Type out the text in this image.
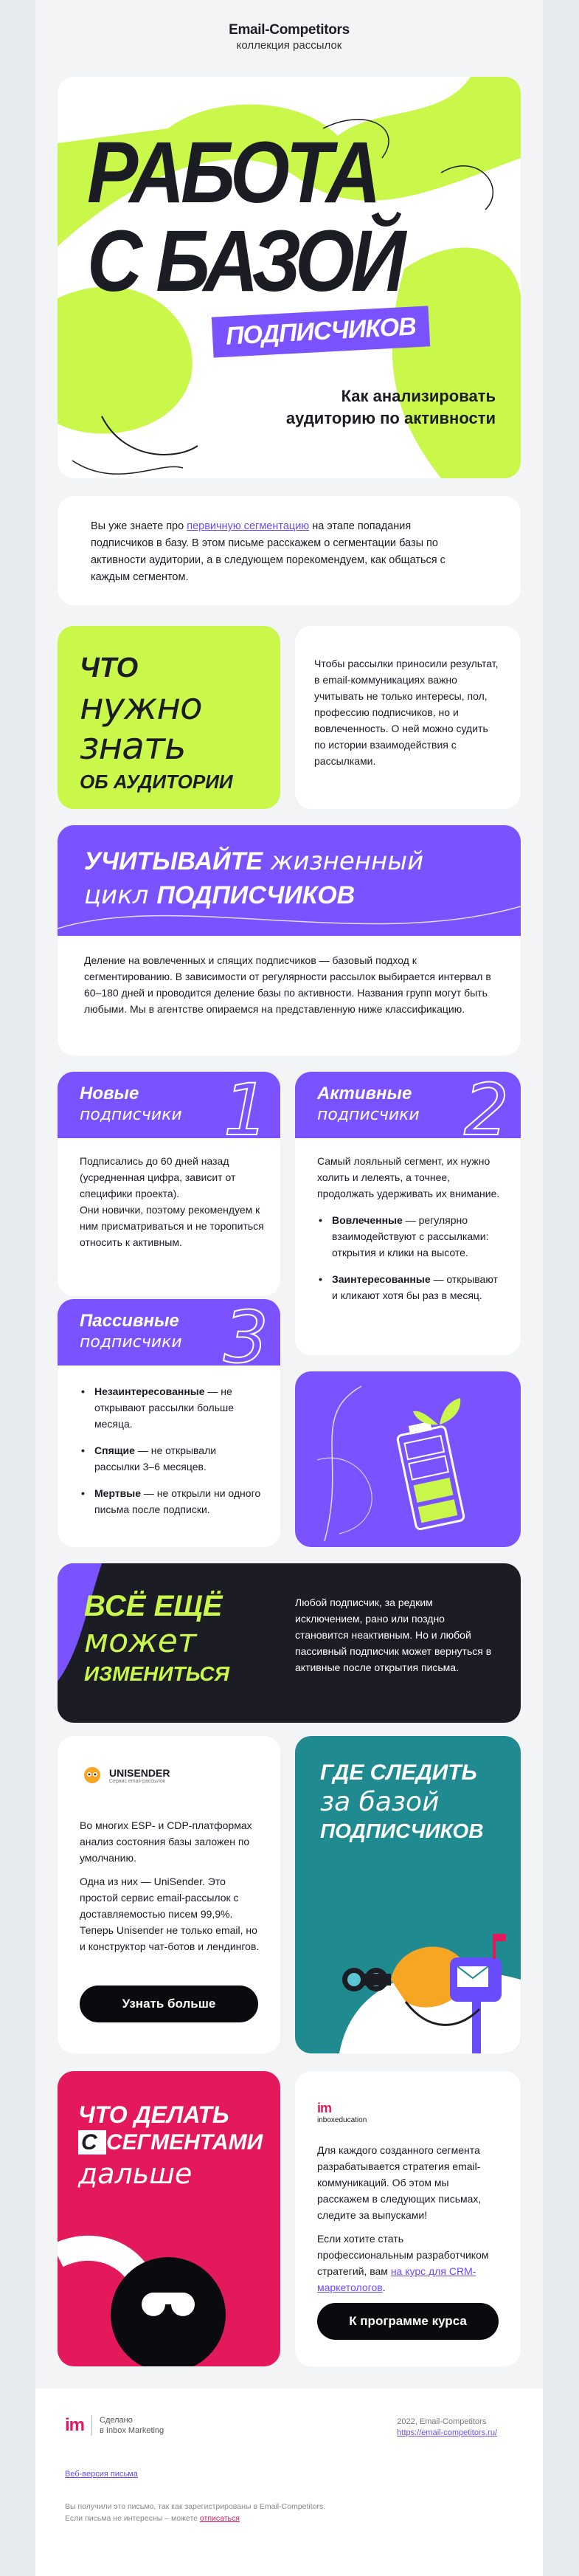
Email-Competitors
коллекция рассылок
РАБОТА
С БАЗОЙ
ПОДПИСЧИКОВ
Как анализировать
аудиторию по активности
Вы уже знаете про первичную сегментацию на этапе попадания подписчиков в базу. В этом письме расскажем о сегментации базы по активности аудитории, а в следующем порекомендуем, как общаться с каждым сегментом.
ЧТО
нужно
знать
ОБ АУДИТОРИИ
Чтобы рассылки приносили результат, в email-коммуникациях важно учитывать не только интересы, пол, профессию подписчиков, но и вовлеченность. О ней можно судить по истории взаимодействия с рассылками.
УЧИТЫВАЙТЕ жизненный
цикл ПОДПИСЧИКОВ
Деление на вовлеченных и спящих подписчиков — базовый подход к сегментированию. В зависимости от регулярности рассылок выбирается интервал в 60–180 дней и проводится деление базы по активности. Названия групп могут быть любыми. Мы в агентстве опираемся на представленную ниже классификацию.
Новые
подписчики 1
Подписались до 60 дней назад (усредненная цифра, зависит от специфики проекта).
Они новички, поэтому рекомендуем к ним присматриваться и не торопиться относить к активным.
Активные
подписчики 2
Самый лояльный сегмент, их нужно холить и лелеять, а точнее, продолжать удерживать их внимание.
• Вовлеченные — регулярно взаимодействуют с рассылками: открытия и клики на высоте.
• Заинтересованные — открывают и кликают хотя бы раз в месяц.
Пассивные
подписчики 3
• Незаинтересованные — не открывают рассылки больше месяца.
• Спящие — не открывали рассылки 3–6 месяцев.
• Мертвые — не открыли ни одного письма после подписки.
ВСЁ ЕЩЁ
может
ИЗМЕНИТЬСЯ
Любой подписчик, за редким исключением, рано или поздно становится неактивным. Но и любой пассивный подписчик может вернуться в активные после открытия письма.
UNISENDER
Сервис email-рассылок
Во многих ESP- и CDP-платформах анализ состояния базы заложен по умолчанию.
Одна из них — UniSender. Это простой сервис email-рассылок с доставляемостью писем 99,9%. Теперь Unisender не только email, но и конструктор чат-ботов и лендингов.
Узнать больше
ГДЕ СЛЕДИТЬ
за базой
ПОДПИСЧИКОВ
ЧТО ДЕЛАТЬ
С СЕГМЕНТАМИ
дальше
im
inboxeducation
Для каждого созданного сегмента разрабатывается стратегия email-коммуникаций. Об этом мы расскажем в следующих письмах, следите за выпусками!
Если хотите стать профессиональным разработчиком стратегий, вам на курс для CRM-маркетологов.
К программе курса
im	Сделано
в Inbox Marketing
2022, Email-Competitors
https://email-competitors.ru/
Веб-версия письма
Вы получили это письмо, так как зарегистрированы в Email-Competitors.
Если письма не интересны – можете отписаться
